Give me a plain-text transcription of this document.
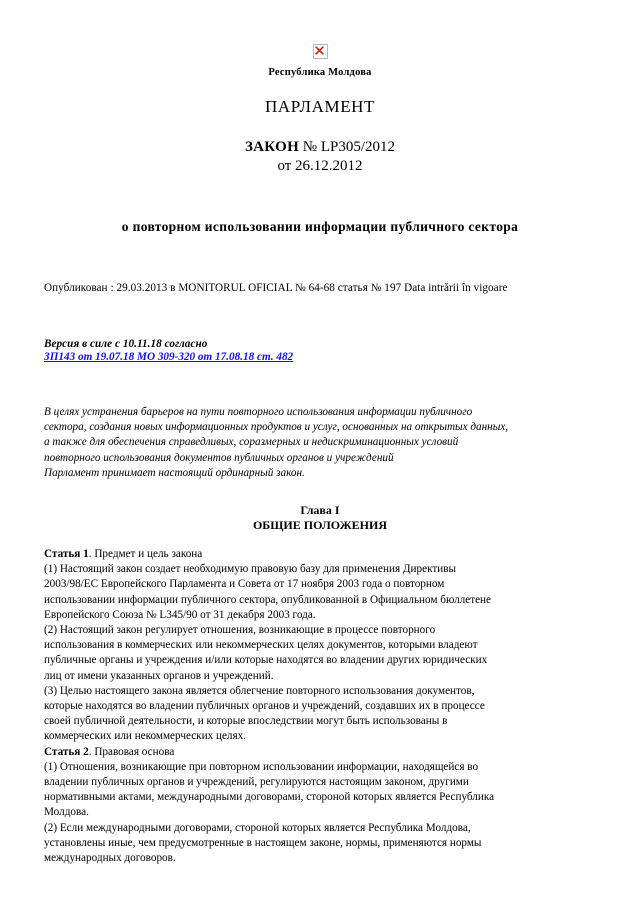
Республика Молдова
ПАРЛАМЕНТ
ЗАКОН № LP305/2012
от 26.12.2012
о повторном использовании информации публичного сектора
Опубликован : 29.03.2013 в MONITORUL OFICIAL № 64-68 статья № 197 Data intrării în vigoare
Версия в силе с 10.11.18 согласно
ЗП143 от 19.07.18 МО 309-320 от 17.08.18 ст. 482
В целях устранения барьеров на пути повторного использования информации публичного
сектора, создания новых информационных продуктов и услуг, основанных на открытых данных,
а также для обеспечения справедливых, соразмерных и недискриминационных условий
повторного использования документов публичных органов и учреждений
Парламент принимает настоящий ординарный закон.
Глава I
ОБЩИЕ ПОЛОЖЕНИЯ
Статья 1. Предмет и цель закона
(1) Настоящий закон создает необходимую правовую базу для применения Директивы
2003/98/ЕС Европейского Парламента и Совета от 17 ноября 2003 года о повторном
использовании информации публичного сектора, опубликованной в Официальном бюллетене
Европейского Союза № L345/90 от 31 декабря 2003 года.
(2) Настоящий закон регулирует отношения, возникающие в процессе повторного
использования в коммерческих или некоммерческих целях документов, которыми владеют
публичные органы и учреждения и/или которые находятся во владении других юридических
лиц от имени указанных органов и учреждений.
(3) Целью настоящего закона является облегчение повторного использования документов,
которые находятся во владении публичных органов и учреждений, создавших их в процессе
своей публичной деятельности, и которые впоследствии могут быть использованы в
коммерческих или некоммерческих целях.
Статья 2. Правовая основа
(1) Отношения, возникающие при повторном использовании информации, находящейся во
владении публичных органов и учреждений, регулируются настоящим законом, другими
нормативными актами, международными договорами, стороной которых является Республика
Молдова.
(2) Если международными договорами, стороной которых является Республика Молдова,
установлены иные, чем предусмотренные в настоящем законе, нормы, применяются нормы
международных договоров.
